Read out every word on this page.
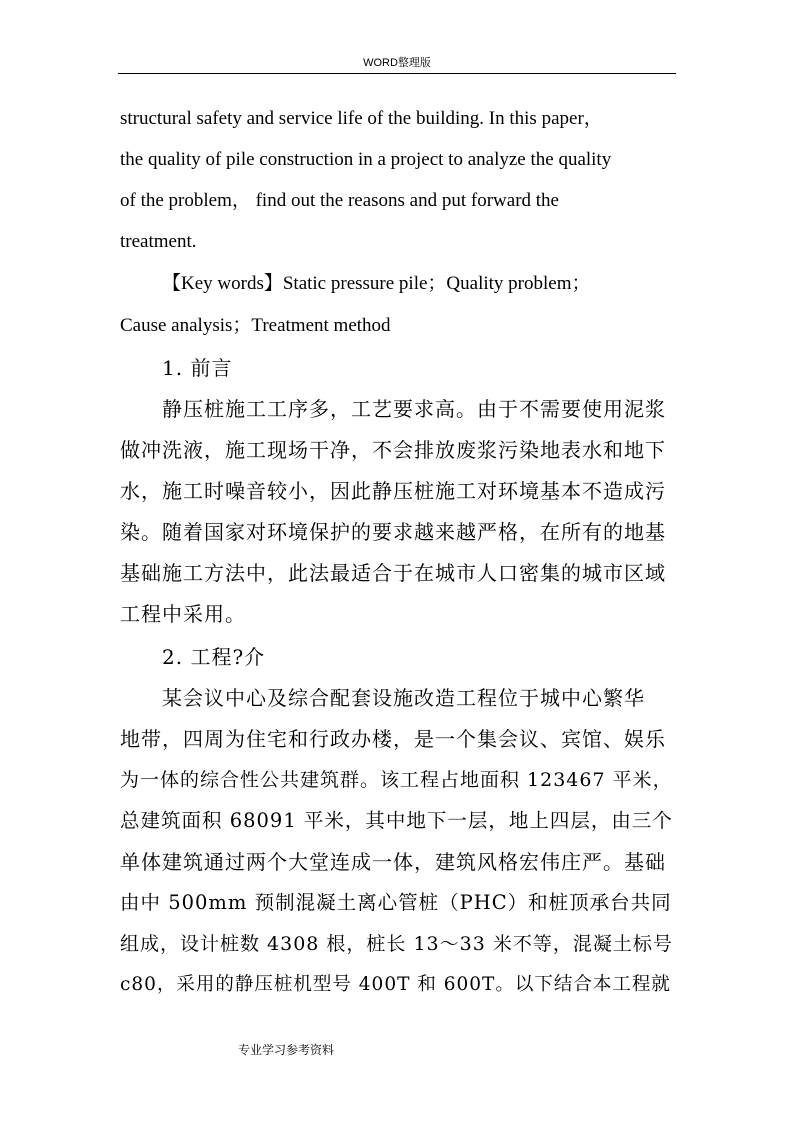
WORD整理版
structural safety and service life of the building. In this paper，
the quality of pile construction in a project to analyze the quality
of the problem， find out the reasons and put forward the
treatment.
【Key words】Static pressure pile；Quality problem；
Cause analysis；Treatment method
1. 前言
静压桩施工工序多，工艺要求高。由于不需要使用泥浆
做冲洗液，施工现场干净，不会排放废浆污染地表水和地下
水，施工时噪音较小，因此静压桩施工对环境基本不造成污
染。随着国家对环境保护的要求越来越严格，在所有的地基
基础施工方法中，此法最适合于在城市人口密集的城市区域
工程中采用。
2. 工程?介
某会议中心及综合配套设施改造工程位于城中心繁华
地带，四周为住宅和行政办楼，是一个集会议、宾馆、娱乐
为一体的综合性公共建筑群。该工程占地面积 123467 平米，
总建筑面积 68091 平米，其中地下一层，地上四层，由三个
单体建筑通过两个大堂连成一体，建筑风格宏伟庄严。基础
由中 500mm 预制混凝土离心管桩（PHC）和桩顶承台共同
组成，设计桩数 4308 根，桩长 13～33 米不等，混凝土标号
c80，采用的静压桩机型号 400T 和 600T。以下结合本工程就
专业学习参考资料
